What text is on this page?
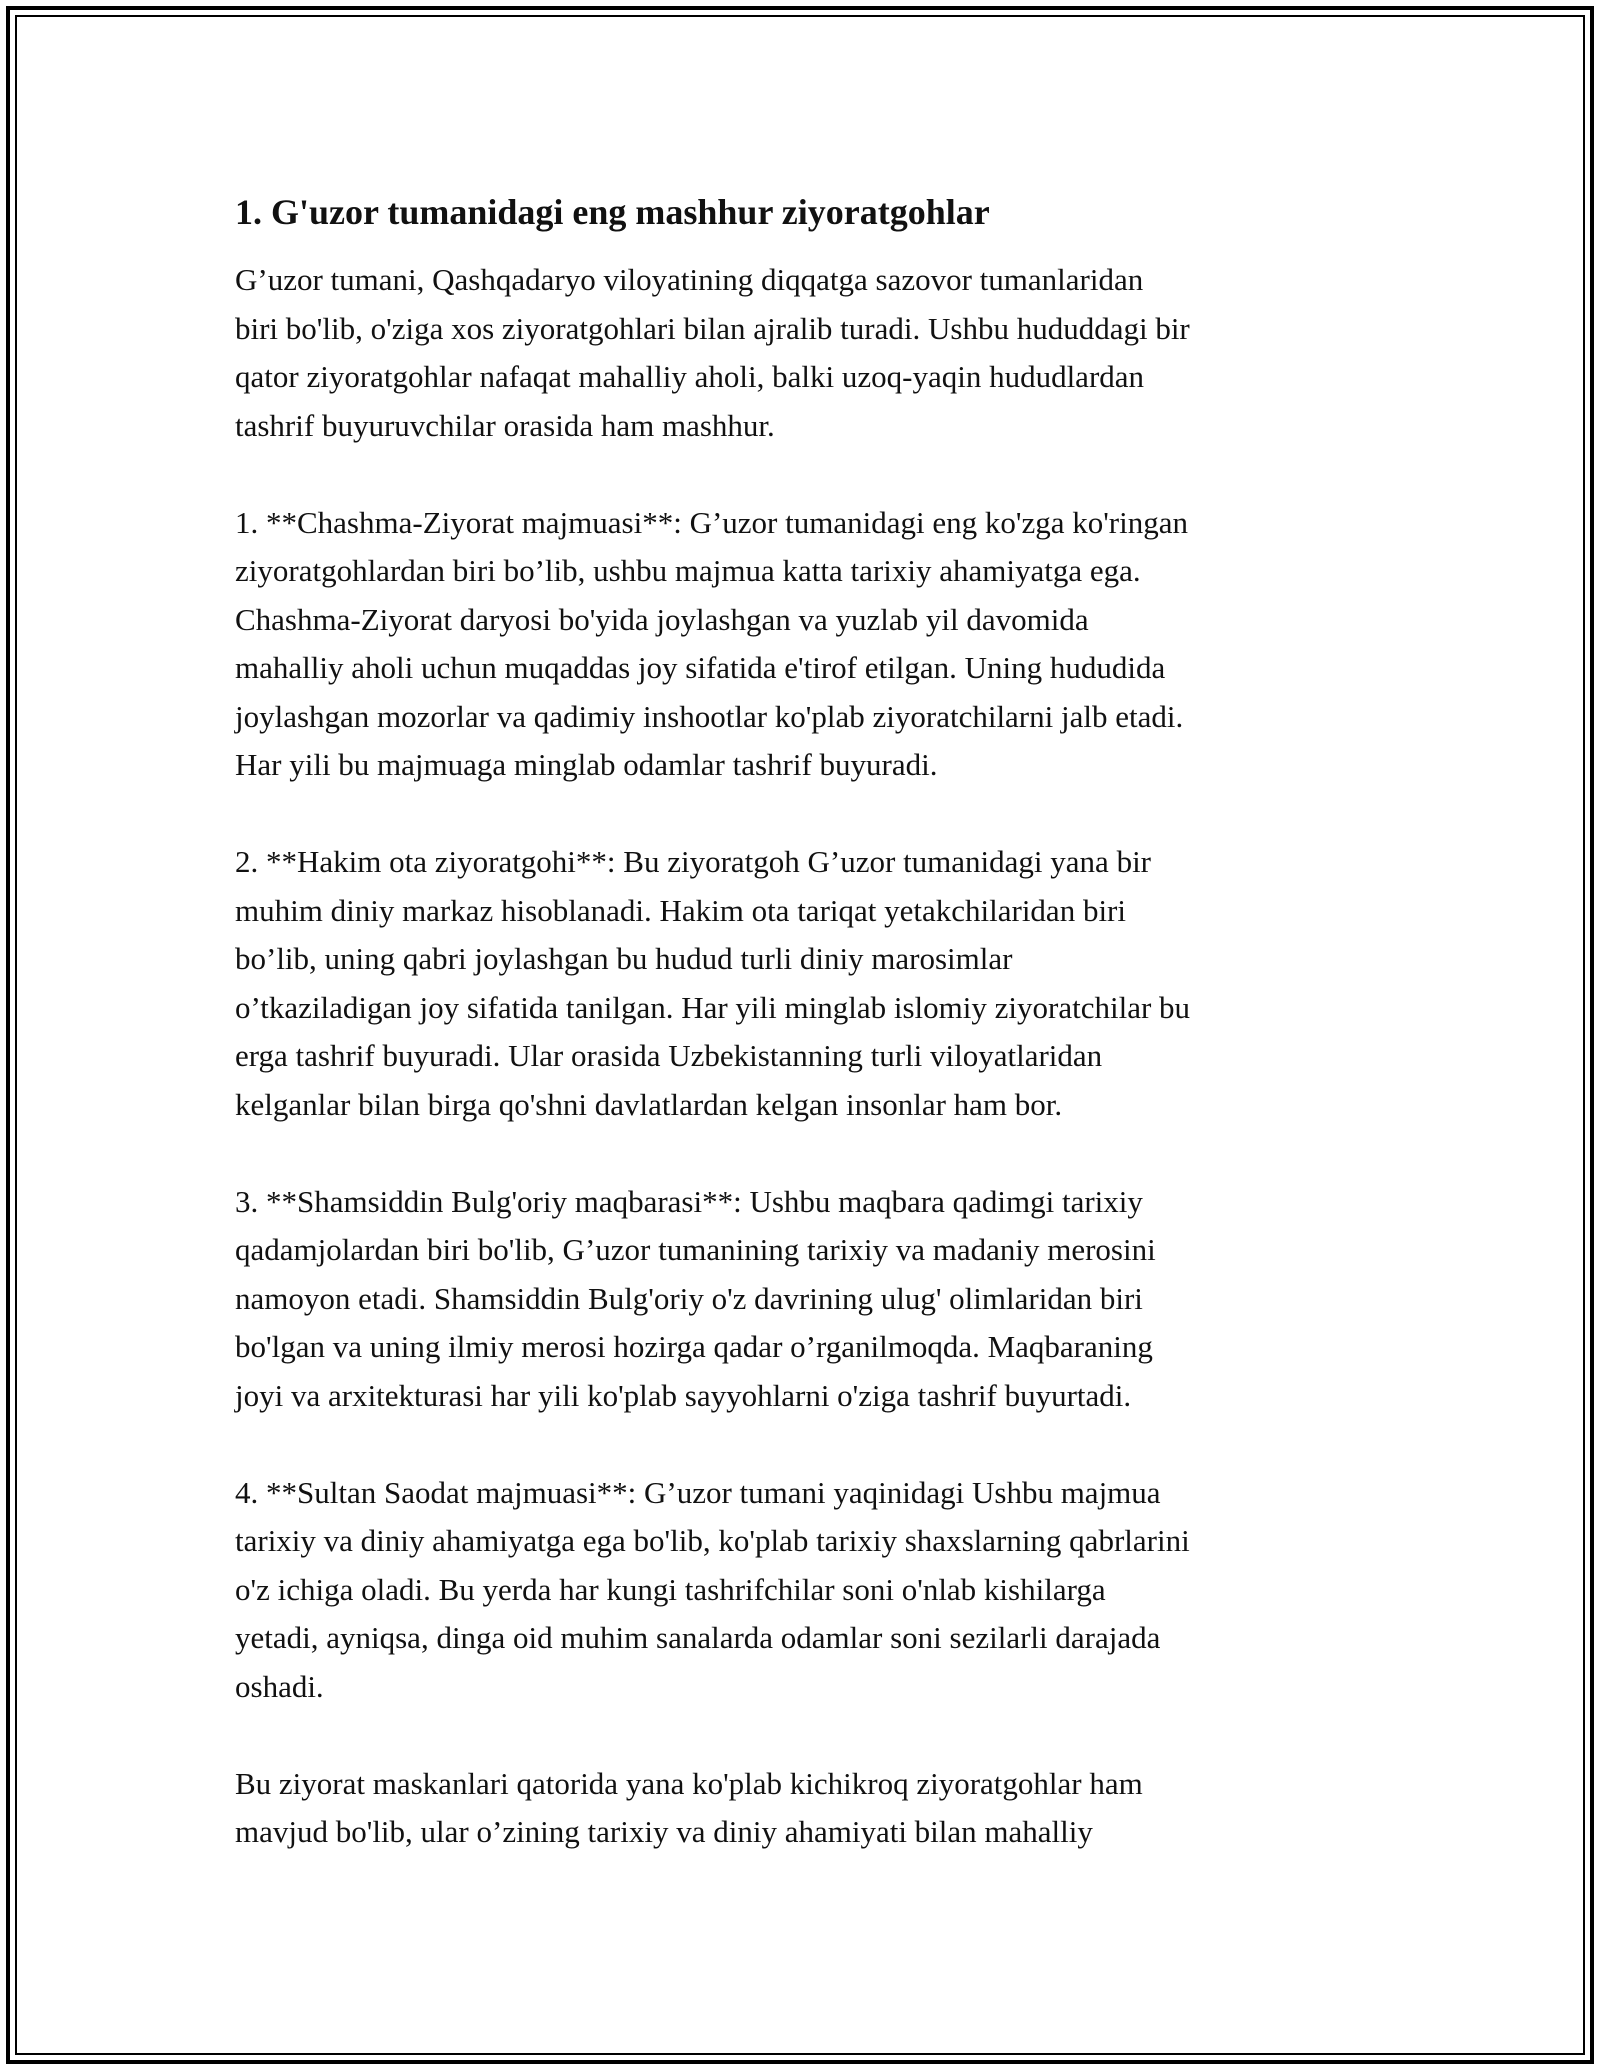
1. G'uzor tumanidagi eng mashhur ziyoratgohlar

G’uzor tumani, Qashqadaryo viloyatining diqqatga sazovor tumanlaridan
biri bo'lib, o'ziga xos ziyoratgohlari bilan ajralib turadi. Ushbu hududdagi bir
qator ziyoratgohlar nafaqat mahalliy aholi, balki uzoq-yaqin hududlardan
tashrif buyuruvchilar orasida ham mashhur.

1. **Chashma-Ziyorat majmuasi**: G’uzor tumanidagi eng ko'zga ko'ringan
ziyoratgohlardan biri bo’lib, ushbu majmua katta tarixiy ahamiyatga ega.
Chashma-Ziyorat daryosi bo'yida joylashgan va yuzlab yil davomida
mahalliy aholi uchun muqaddas joy sifatida e'tirof etilgan. Uning hududida
joylashgan mozorlar va qadimiy inshootlar ko'plab ziyoratchilarni jalb etadi.
Har yili bu majmuaga minglab odamlar tashrif buyuradi.

2. **Hakim ota ziyoratgohi**: Bu ziyoratgoh G’uzor tumanidagi yana bir
muhim diniy markaz hisoblanadi. Hakim ota tariqat yetakchilaridan biri
bo’lib, uning qabri joylashgan bu hudud turli diniy marosimlar
o’tkaziladigan joy sifatida tanilgan. Har yili minglab islomiy ziyoratchilar bu
erga tashrif buyuradi. Ular orasida Uzbekistanning turli viloyatlaridan
kelganlar bilan birga qo'shni davlatlardan kelgan insonlar ham bor.

3. **Shamsiddin Bulg'oriy maqbarasi**: Ushbu maqbara qadimgi tarixiy
qadamjolardan biri bo'lib, G’uzor tumanining tarixiy va madaniy merosini
namoyon etadi. Shamsiddin Bulg'oriy o'z davrining ulug' olimlaridan biri
bo'lgan va uning ilmiy merosi hozirga qadar o’rganilmoqda. Maqbaraning
joyi va arxitekturasi har yili ko'plab sayyohlarni o'ziga tashrif buyurtadi.

4. **Sultan Saodat majmuasi**: G’uzor tumani yaqinidagi Ushbu majmua
tarixiy va diniy ahamiyatga ega bo'lib, ko'plab tarixiy shaxslarning qabrlarini
o'z ichiga oladi. Bu yerda har kungi tashrifchilar soni o'nlab kishilarga
yetadi, ayniqsa, dinga oid muhim sanalarda odamlar soni sezilarli darajada
oshadi.

Bu ziyorat maskanlari qatorida yana ko'plab kichikroq ziyoratgohlar ham
mavjud bo'lib, ular o’zining tarixiy va diniy ahamiyati bilan mahalliy
